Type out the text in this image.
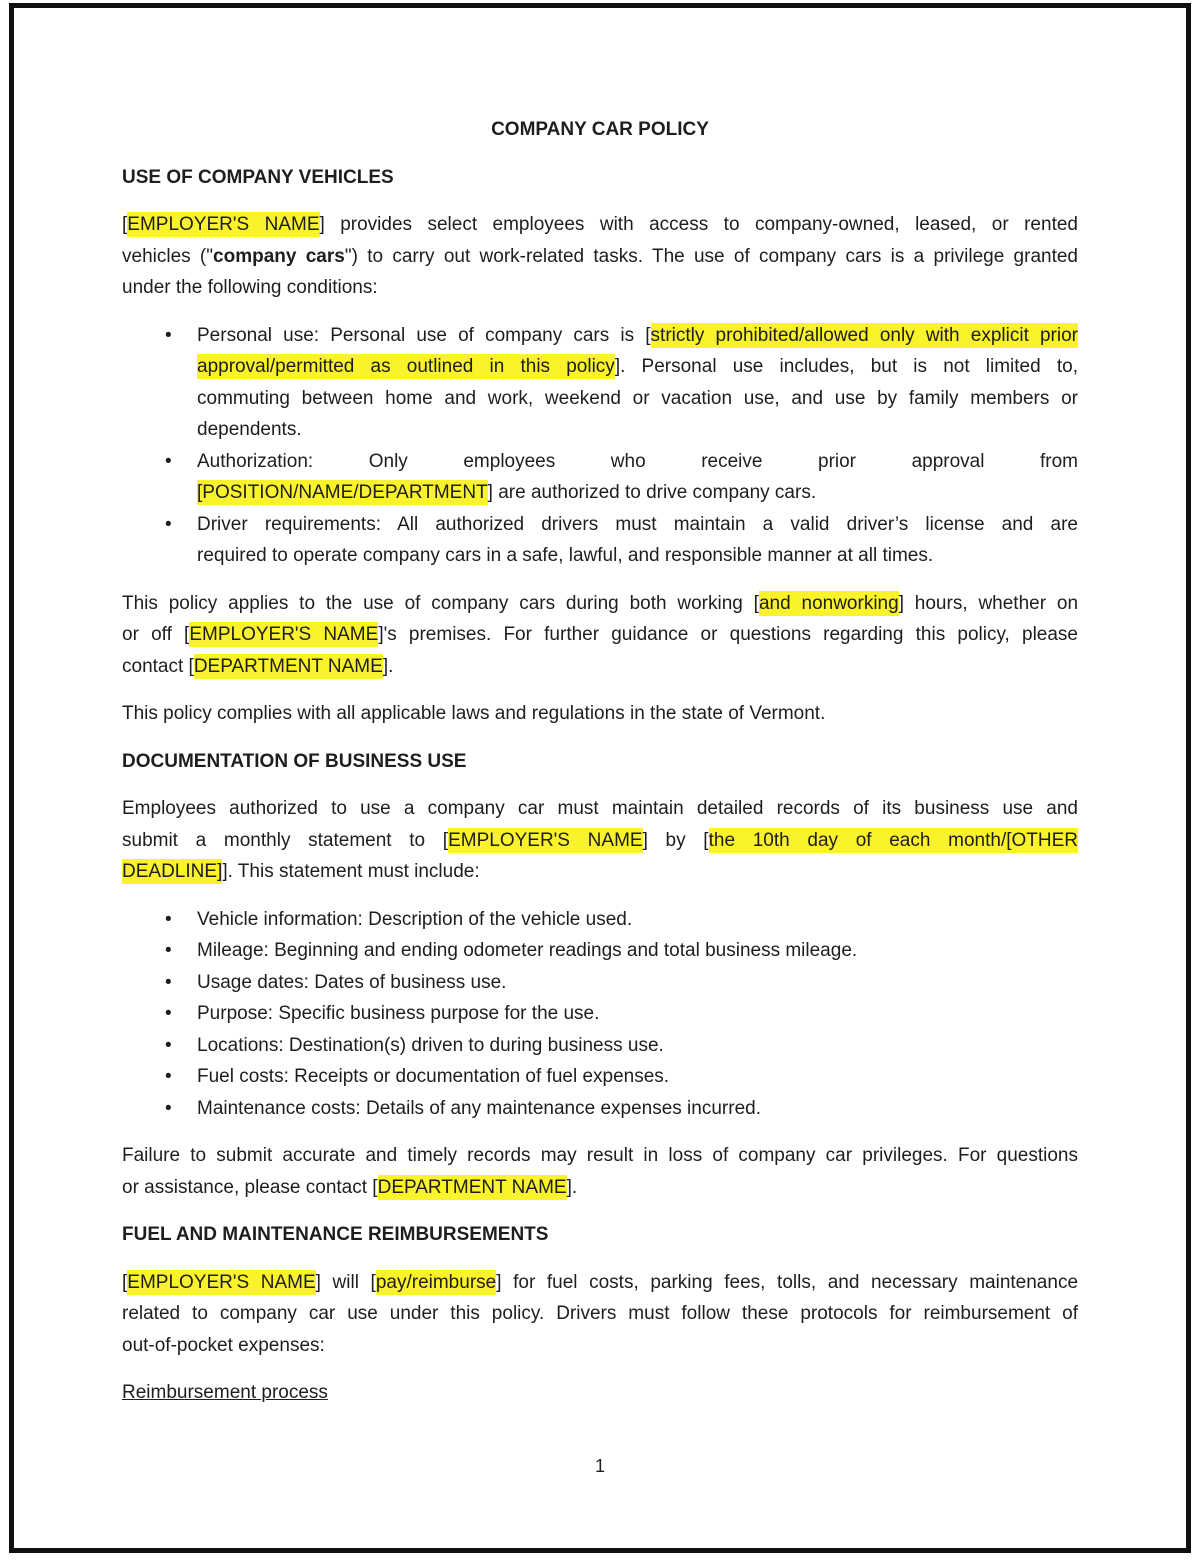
COMPANY CAR POLICY
USE OF COMPANY VEHICLES
[EMPLOYER'S NAME] provides select employees with access to company-owned, leased, or rented
vehicles ("company cars") to carry out work-related tasks. The use of company cars is a privilege granted
under the following conditions:
• Personal use: Personal use of company cars is [strictly prohibited/allowed only with explicit prior
approval/permitted as outlined in this policy]. Personal use includes, but is not limited to,
commuting between home and work, weekend or vacation use, and use by family members or
dependents.
• Authorization: Only employees who receive prior approval from
[POSITION/NAME/DEPARTMENT] are authorized to drive company cars.
• Driver requirements: All authorized drivers must maintain a valid driver’s license and are
required to operate company cars in a safe, lawful, and responsible manner at all times.
This policy applies to the use of company cars during both working [and nonworking] hours, whether on
or off [EMPLOYER'S NAME]'s premises. For further guidance or questions regarding this policy, please
contact [DEPARTMENT NAME].
This policy complies with all applicable laws and regulations in the state of Vermont.
DOCUMENTATION OF BUSINESS USE
Employees authorized to use a company car must maintain detailed records of its business use and
submit a monthly statement to [EMPLOYER'S NAME] by [the 10th day of each month/[OTHER
DEADLINE]]. This statement must include:
• Vehicle information: Description of the vehicle used.
• Mileage: Beginning and ending odometer readings and total business mileage.
• Usage dates: Dates of business use.
• Purpose: Specific business purpose for the use.
• Locations: Destination(s) driven to during business use.
• Fuel costs: Receipts or documentation of fuel expenses.
• Maintenance costs: Details of any maintenance expenses incurred.
Failure to submit accurate and timely records may result in loss of company car privileges. For questions
or assistance, please contact [DEPARTMENT NAME].
FUEL AND MAINTENANCE REIMBURSEMENTS
[EMPLOYER'S NAME] will [pay/reimburse] for fuel costs, parking fees, tolls, and necessary maintenance
related to company car use under this policy. Drivers must follow these protocols for reimbursement of
out-of-pocket expenses:
Reimbursement process
1
